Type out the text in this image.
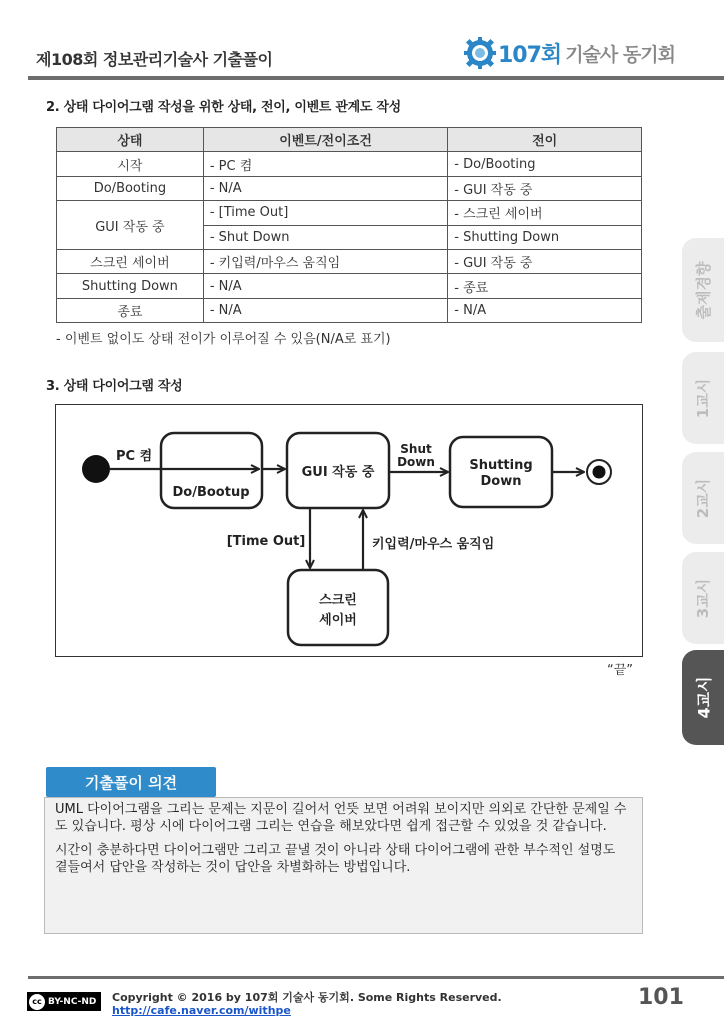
제108회 정보관리기술사 기출풀이	107회 기술사 동기회
2. 상태 다이어그램 작성을 위한 상태, 전이, 이벤트 관계도 작성
상태	이벤트/전이조건	전이
시작	- PC 켬	- Do/Booting
Do/Booting	- N/A	- GUI 작동 중
GUI 작동 중	- [Time Out]	- 스크린 세이버
	- Shut Down	- Shutting Down
스크린 세이버	- 키입력/마우스 움직임	- GUI 작동 중
Shutting Down	- N/A	- 종료
종료	- N/A	- N/A
- 이벤트 없이도 상태 전이가 이루어질 수 있음(N/A로 표기)
3. 상태 다이어그램 작성
PC 켬
Do/Bootup
GUI 작동 중
Shut
Down	Shutting
Down
[Time Out]	키입력/마우스 움직임
스크린
세이버
“끝”
출제경향
1교시
2교시
3교시
4교시
기출풀이 의견

UML 다이어그램을 그리는 문제는 지문이 길어서 언뜻 보면 어려워 보이지만 의외로 간단한 문제일 수도 있습니다. 평상 시에 다이어그램 그리는 연습을 해보았다면 쉽게 접근할 수 있었을 것 같습니다.

시간이 충분하다면 다이어그램만 그리고 끝낼 것이 아니라 상태 다이어그램에 관한 부수적인 설명도 곁들여서 답안을 작성하는 것이 답안을 차별화하는 방법입니다.

cc BY-NC-ND Copyright © 2016 by 107회 기술사 동기회. Some Rights Reserved.
http://cafe.naver.com/withpe
101
